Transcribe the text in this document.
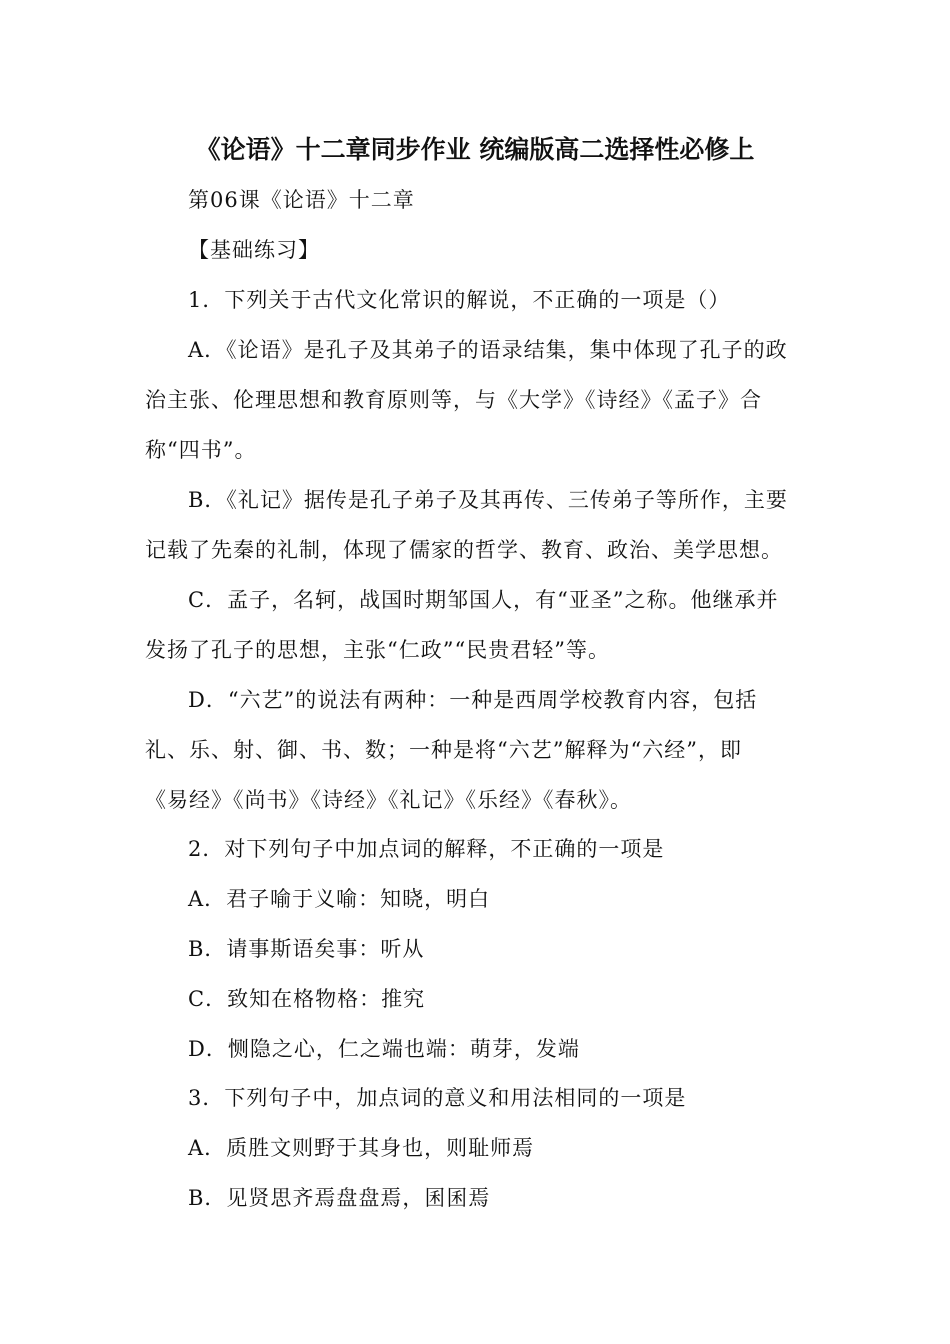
《论语》十二章同步作业 统编版高二选择性必修上
第06课《论语》十二章
【基础练习】
1．下列关于古代文化常识的解说，不正确的一项是（）
A．《论语》是孔子及其弟子的语录结集，集中体现了孔子的政
治主张、伦理思想和教育原则等，与《大学》《诗经》《孟子》合
称“四书”。
B．《礼记》据传是孔子弟子及其再传、三传弟子等所作，主要
记载了先秦的礼制，体现了儒家的哲学、教育、政治、美学思想。
C．孟子，名轲，战国时期邹国人，有“亚圣”之称。他继承并
发扬了孔子的思想，主张“仁政”“民贵君轻”等。
D．“六艺”的说法有两种：一种是西周学校教育内容，包括
礼、乐、射、御、书、数；一种是将“六艺”解释为“六经”，即
《易经》《尚书》《诗经》《礼记》《乐经》《春秋》。
2．对下列句子中加点词的解释，不正确的一项是
A．君子喻于义喻：知晓，明白
B．请事斯语矣事：听从
C．致知在格物格：推究
D．恻隐之心，仁之端也端：萌芽，发端
3．下列句子中，加点词的意义和用法相同的一项是
A．质胜文则野于其身也，则耻师焉
B．见贤思齐焉盘盘焉，囷囷焉
